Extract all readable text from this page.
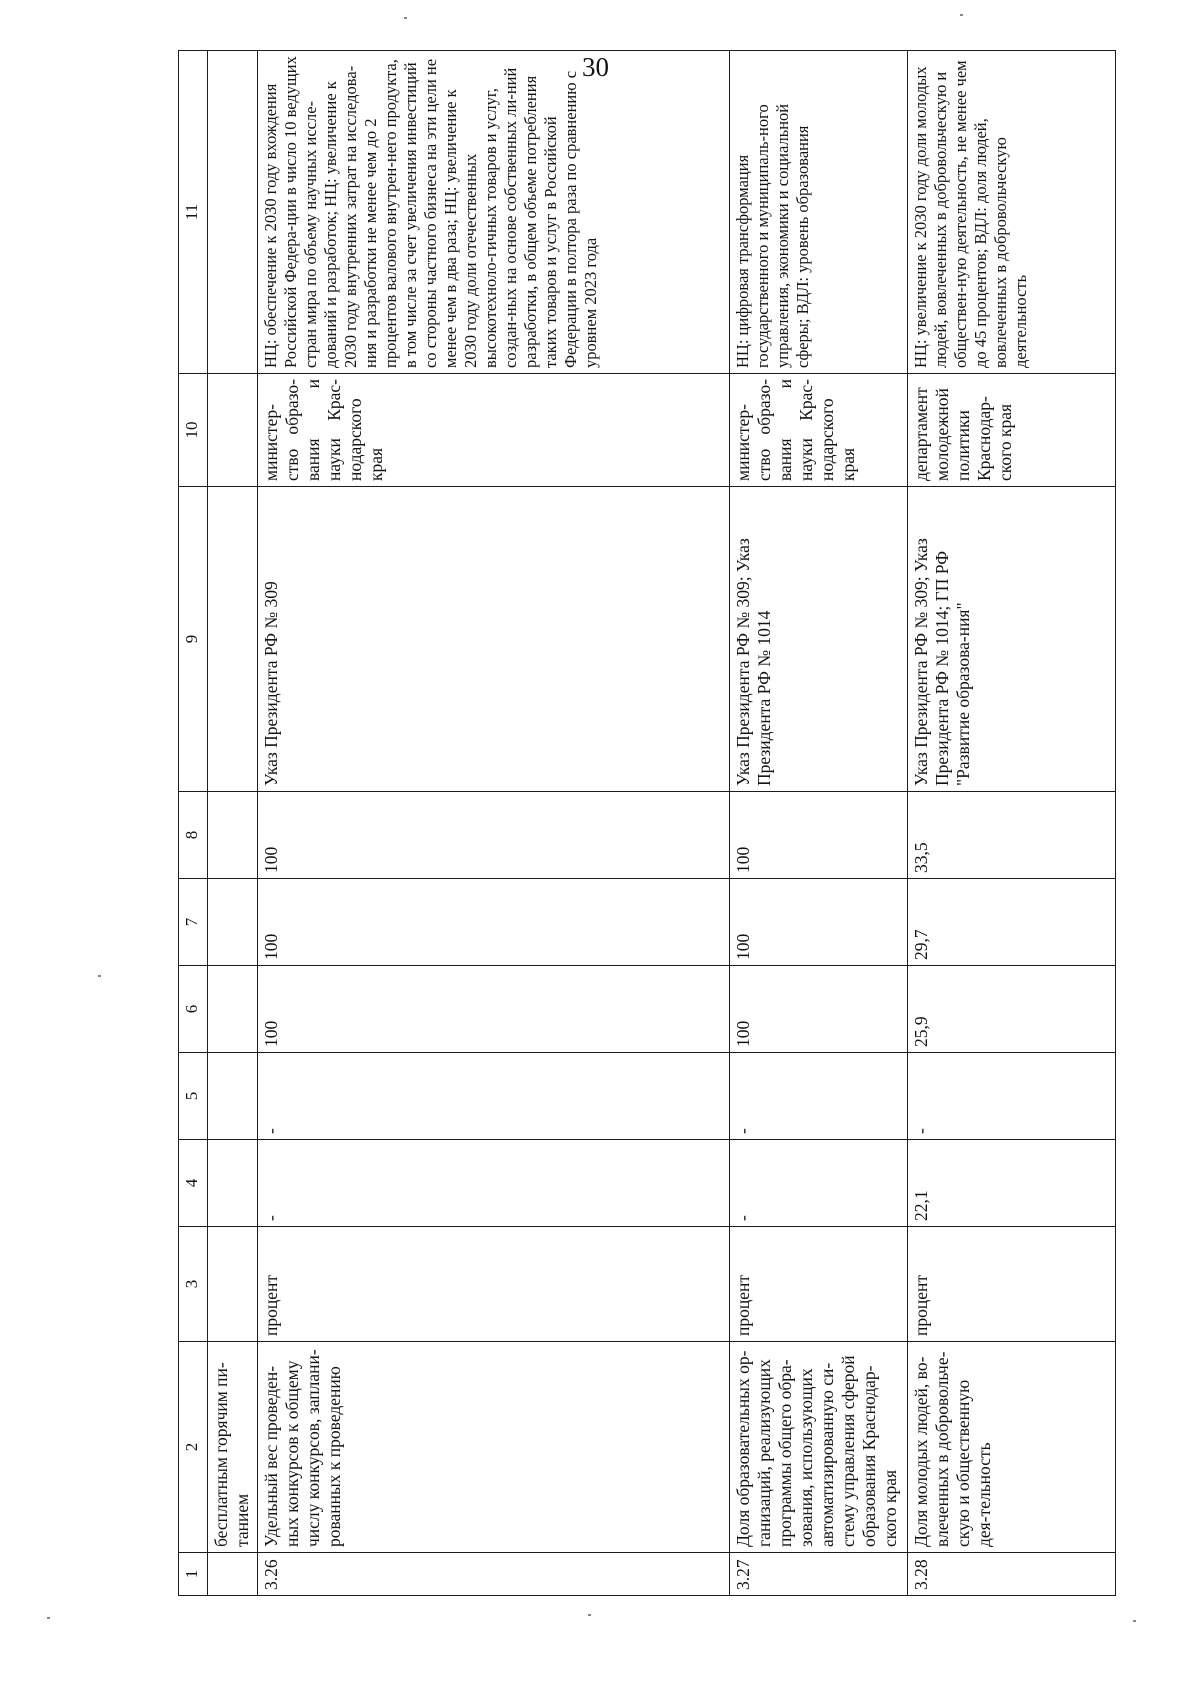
30
1	2	3	4	5	6	7	8	9	10	11
	бесплатным горячим пи-танием									
3.26	Удельный вес проведен-ных конкурсов к общему числу конкурсов, заплани-рованных к проведению	процент	-	-	100	100	100	Указ Президента РФ № 309	министер-ство образо-вания и науки Крас-нодарского края	НЦ: обеспечение к 2030 году вхождения Российской Федера-ции в число 10 ведущих стран мира по объему научных иссле-дований и разработок; НЦ: увеличение к 2030 году внутренних затрат на исследова-ния и разработки не менее чем до 2 процентов валового внутрен-него продукта, в том числе за счет увеличения инвестиций со стороны частного бизнеса на эти цели не менее чем в два раза; НЦ: увеличение к 2030 году доли отечественных высокотехноло-гичных товаров и услуг, создан-ных на основе собственных ли-ний разработки, в общем объеме потребления таких товаров и услуг в Российской Федерации в полтора раза по сравнению с уровнем 2023 года
3.27	Доля образовательных ор-ганизаций, реализующих программы общего обра-зования, использующих автоматизированную си-стему управления сферой образования Краснодар-ского края	процент	-	-	100	100	100	Указ Президента РФ № 309; Указ Президента РФ № 1014	министер-ство образо-вания и науки Крас-нодарского края	НЦ: цифровая трансформация государственного и муниципаль-ного управления, экономики и социальной сферы; ВДЛ: уровень образования
3.28	Доля молодых людей, во-влеченных в добровольче-скую и общественную дея-тельность	процент	22,1	-	25,9	29,7	33,5	Указ Президента РФ № 309; Указ Президента РФ № 1014; ГП РФ "Развитие образова-ния"	департамент молодежной политики Краснодар-ского края	НЦ: увеличение к 2030 году доли молодых людей, вовлеченных в добровольческую и обществен-ную деятельность, не менее чем до 45 процентов; ВДЛ: доля людей, вовлеченных в добровольческую деятельность
